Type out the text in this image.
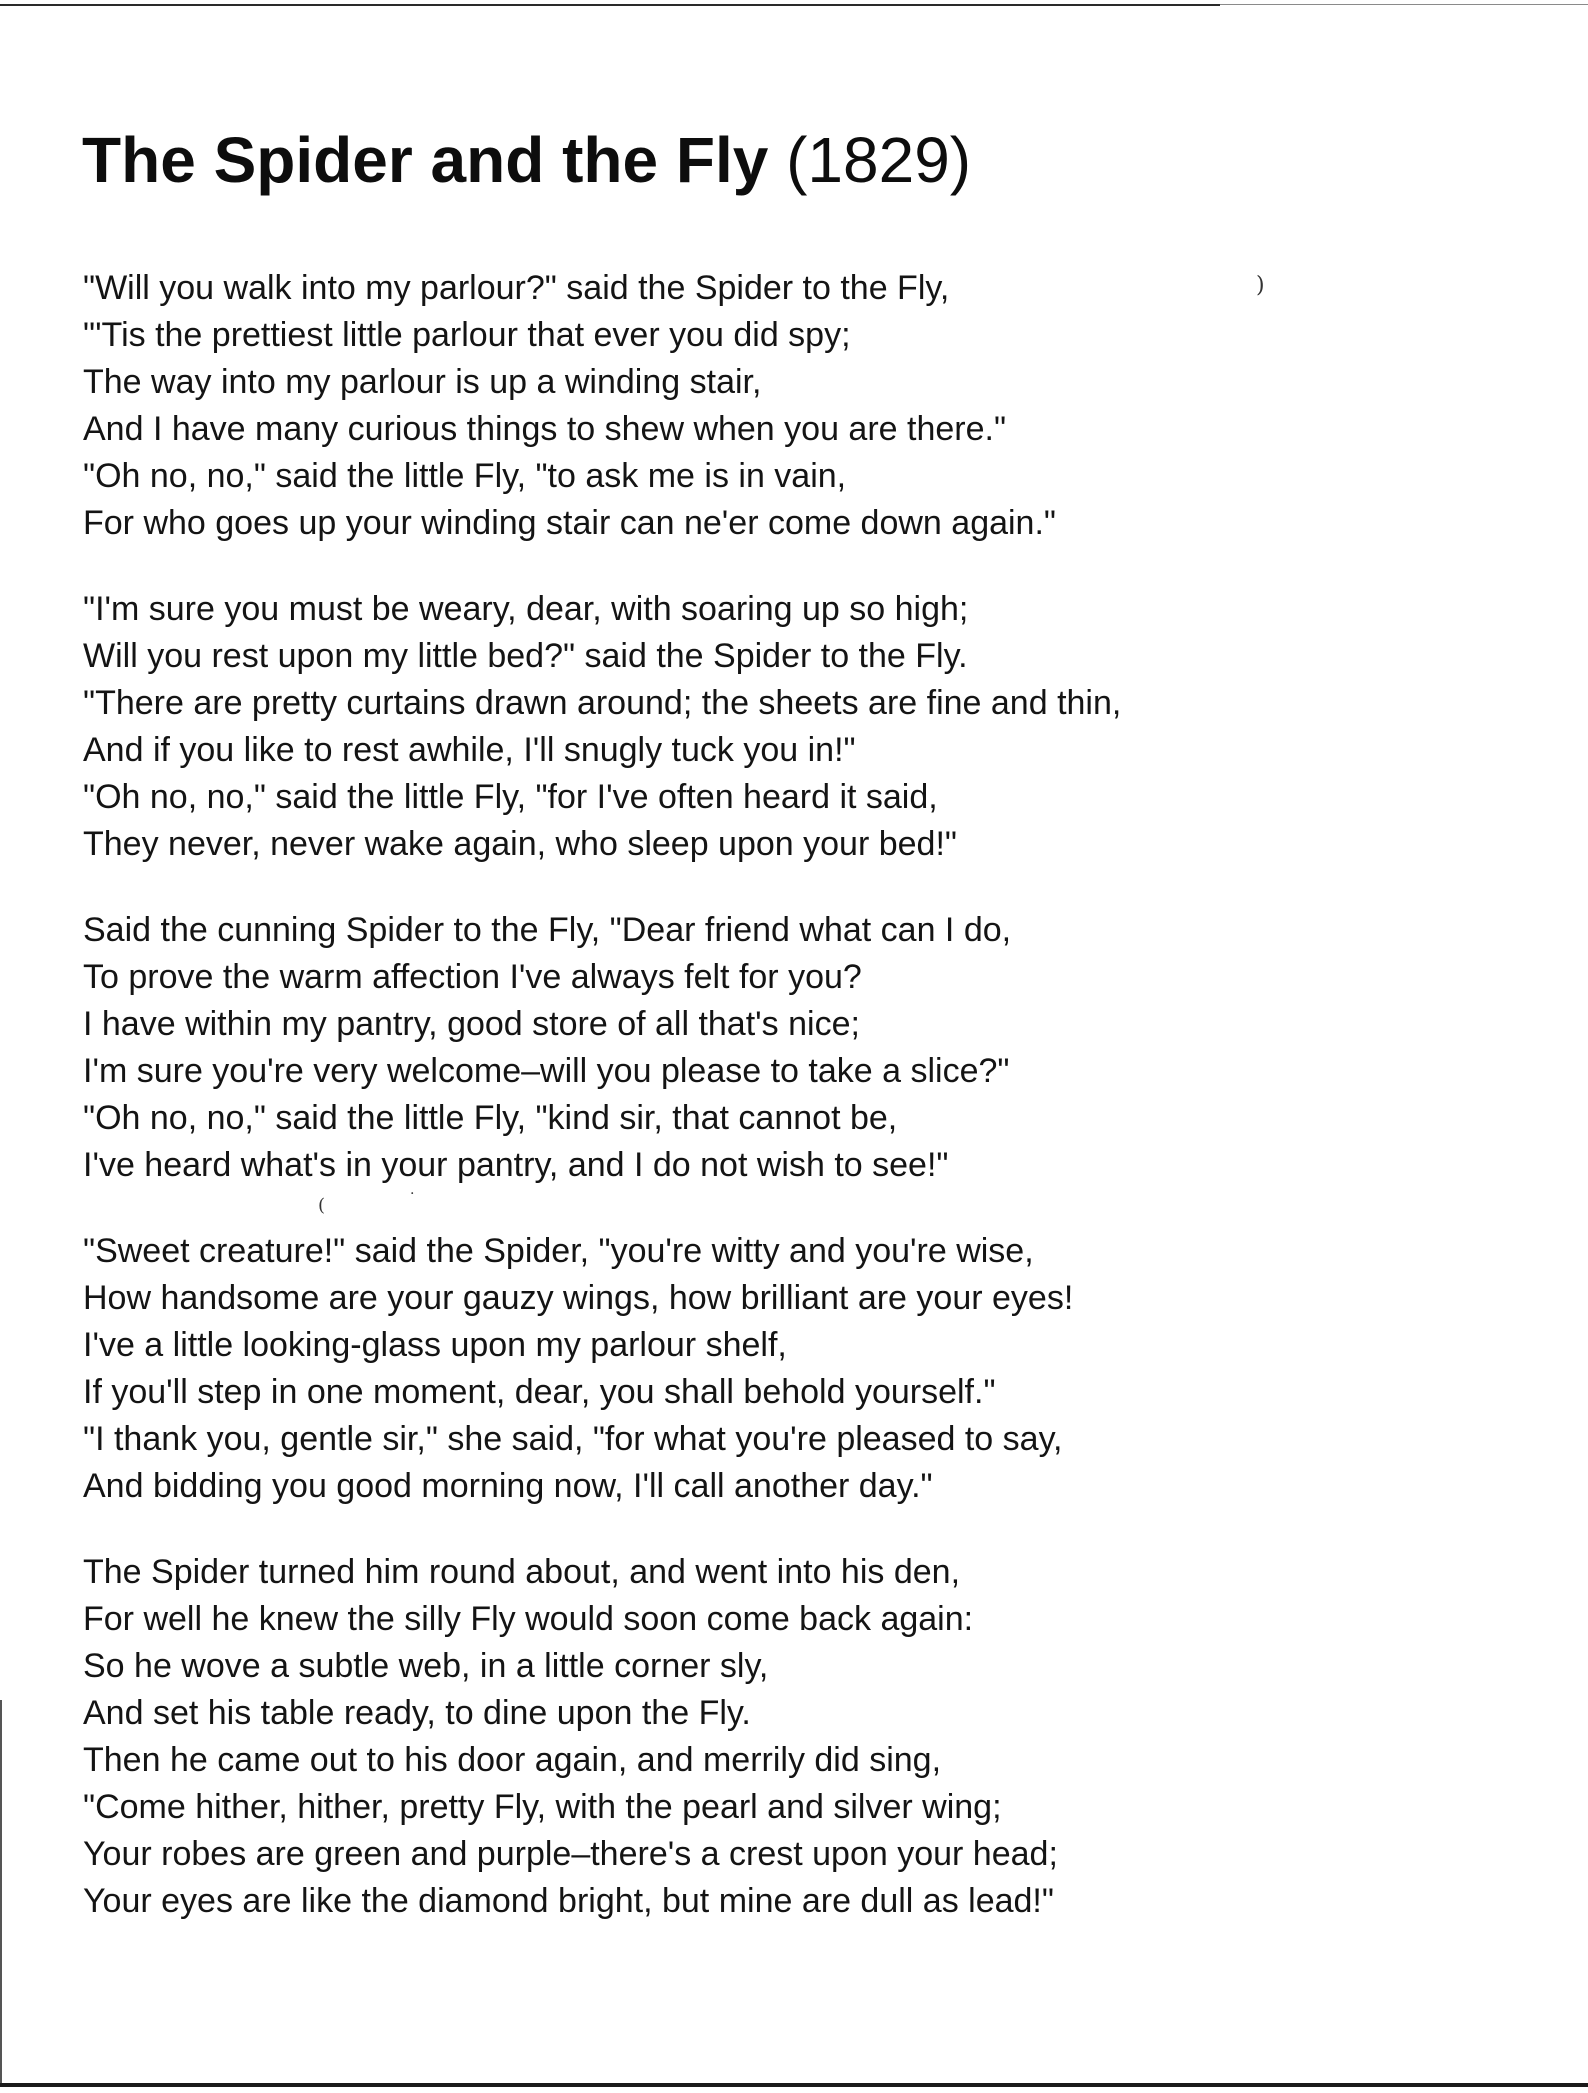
The Spider and the Fly (1829)
"Will you walk into my parlour?" said the Spider to the Fly,
"'Tis the prettiest little parlour that ever you did spy;
The way into my parlour is up a winding stair,
And I have many curious things to shew when you are there."
"Oh no, no," said the little Fly, "to ask me is in vain,
For who goes up your winding stair can ne'er come down again."
"I'm sure you must be weary, dear, with soaring up so high;
Will you rest upon my little bed?" said the Spider to the Fly.
"There are pretty curtains drawn around; the sheets are fine and thin,
And if you like to rest awhile, I'll snugly tuck you in!"
"Oh no, no," said the little Fly, "for I've often heard it said,
They never, never wake again, who sleep upon your bed!"
Said the cunning Spider to the Fly, "Dear friend what can I do,
To prove the warm affection I've always felt for you?
I have within my pantry, good store of all that's nice;
I'm sure you're very welcome–will you please to take a slice?"
"Oh no, no," said the little Fly, "kind sir, that cannot be,
I've heard what's in your pantry, and I do not wish to see!"
"Sweet creature!" said the Spider, "you're witty and you're wise,
How handsome are your gauzy wings, how brilliant are your eyes!
I've a little looking-glass upon my parlour shelf,
If you'll step in one moment, dear, you shall behold yourself."
"I thank you, gentle sir," she said, "for what you're pleased to say,
And bidding you good morning now, I'll call another day."
The Spider turned him round about, and went into his den,
For well he knew the silly Fly would soon come back again:
So he wove a subtle web, in a little corner sly,
And set his table ready, to dine upon the Fly.
Then he came out to his door again, and merrily did sing,
"Come hither, hither, pretty Fly, with the pearl and silver wing;
Your robes are green and purple–there's a crest upon your head;
Your eyes are like the diamond bright, but mine are dull as lead!"
)
(
.
